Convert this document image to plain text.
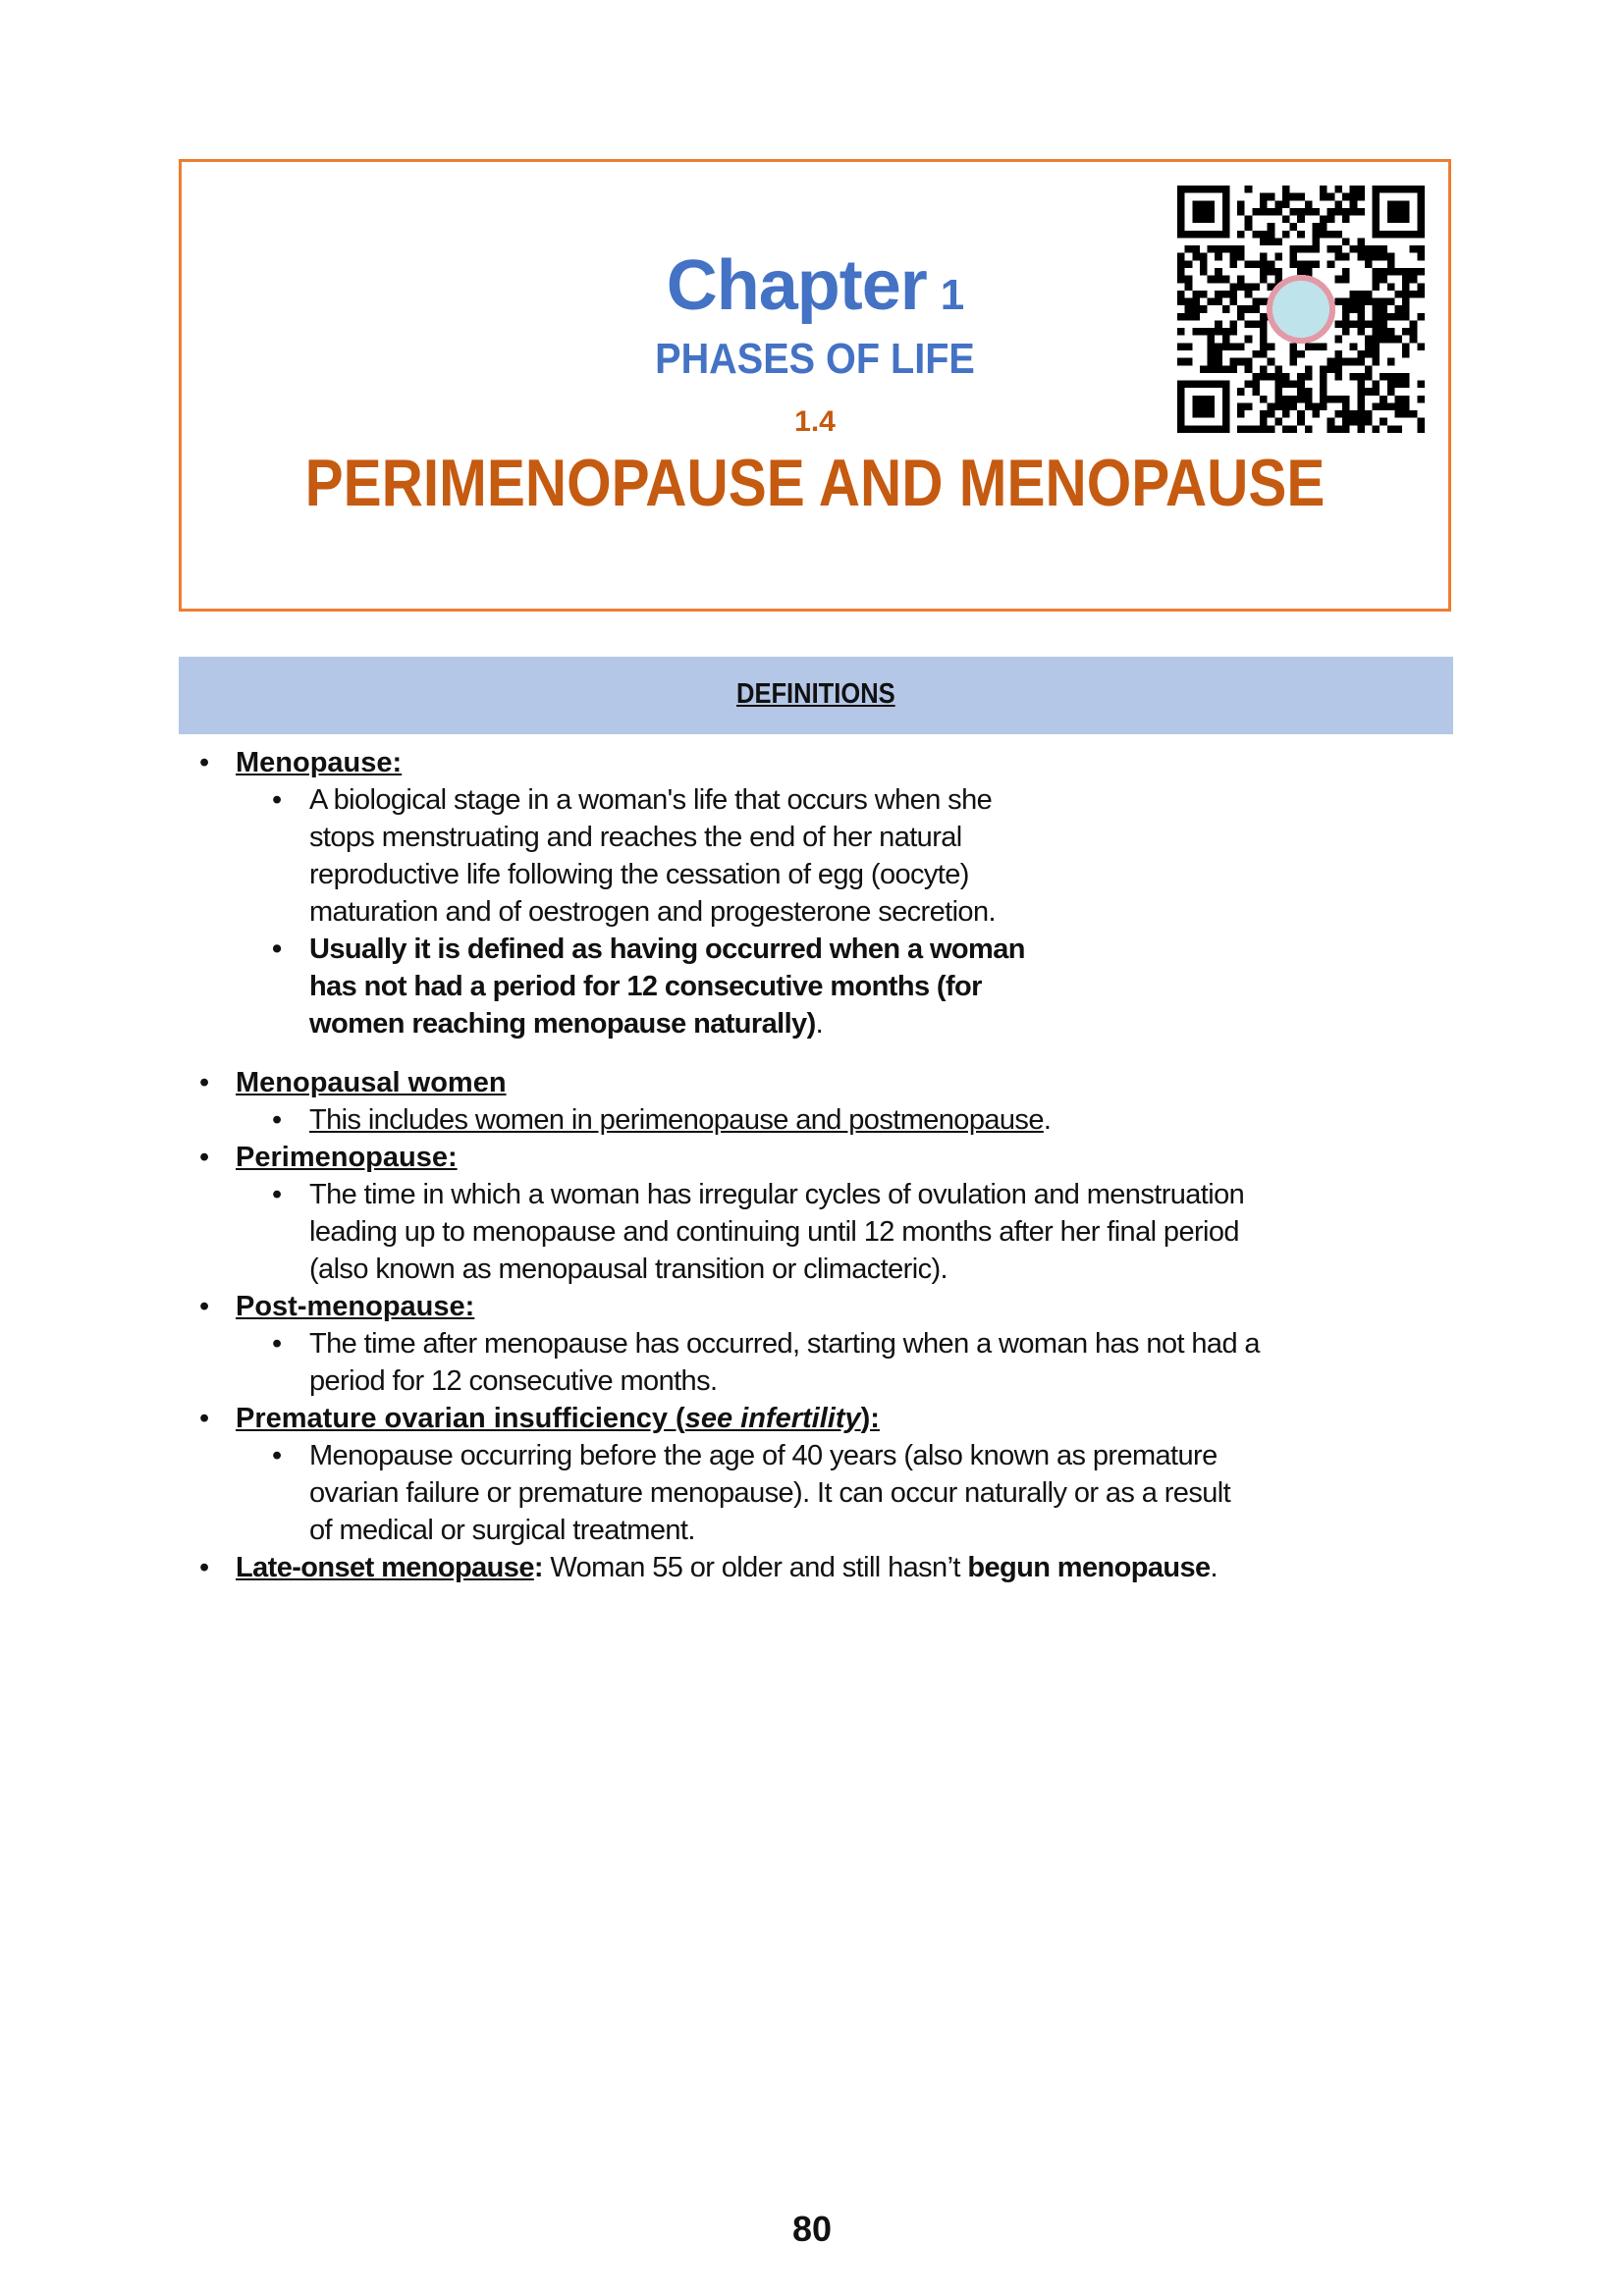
Chapter 1
PHASES OF LIFE
1.4
PERIMENOPAUSE AND MENOPAUSE
DEFINITIONS
• Menopause:
• A biological stage in a woman's life that occurs when she
stops menstruating and reaches the end of her natural
reproductive life following the cessation of egg (oocyte)
maturation and of oestrogen and progesterone secretion.
• Usually it is defined as having occurred when a woman
has not had a period for 12 consecutive months (for
women reaching menopause naturally).
• Menopausal women
• This includes women in perimenopause and postmenopause.
• Perimenopause:
• The time in which a woman has irregular cycles of ovulation and menstruation
leading up to menopause and continuing until 12 months after her final period
(also known as menopausal transition or climacteric).
• Post-menopause:
• The time after menopause has occurred, starting when a woman has not had a
period for 12 consecutive months.
• Premature ovarian insufficiency (see infertility):
• Menopause occurring before the age of 40 years (also known as premature
ovarian failure or premature menopause). It can occur naturally or as a result
of medical or surgical treatment.
• Late-onset menopause: Woman 55 or older and still hasn’t begun menopause.
80
